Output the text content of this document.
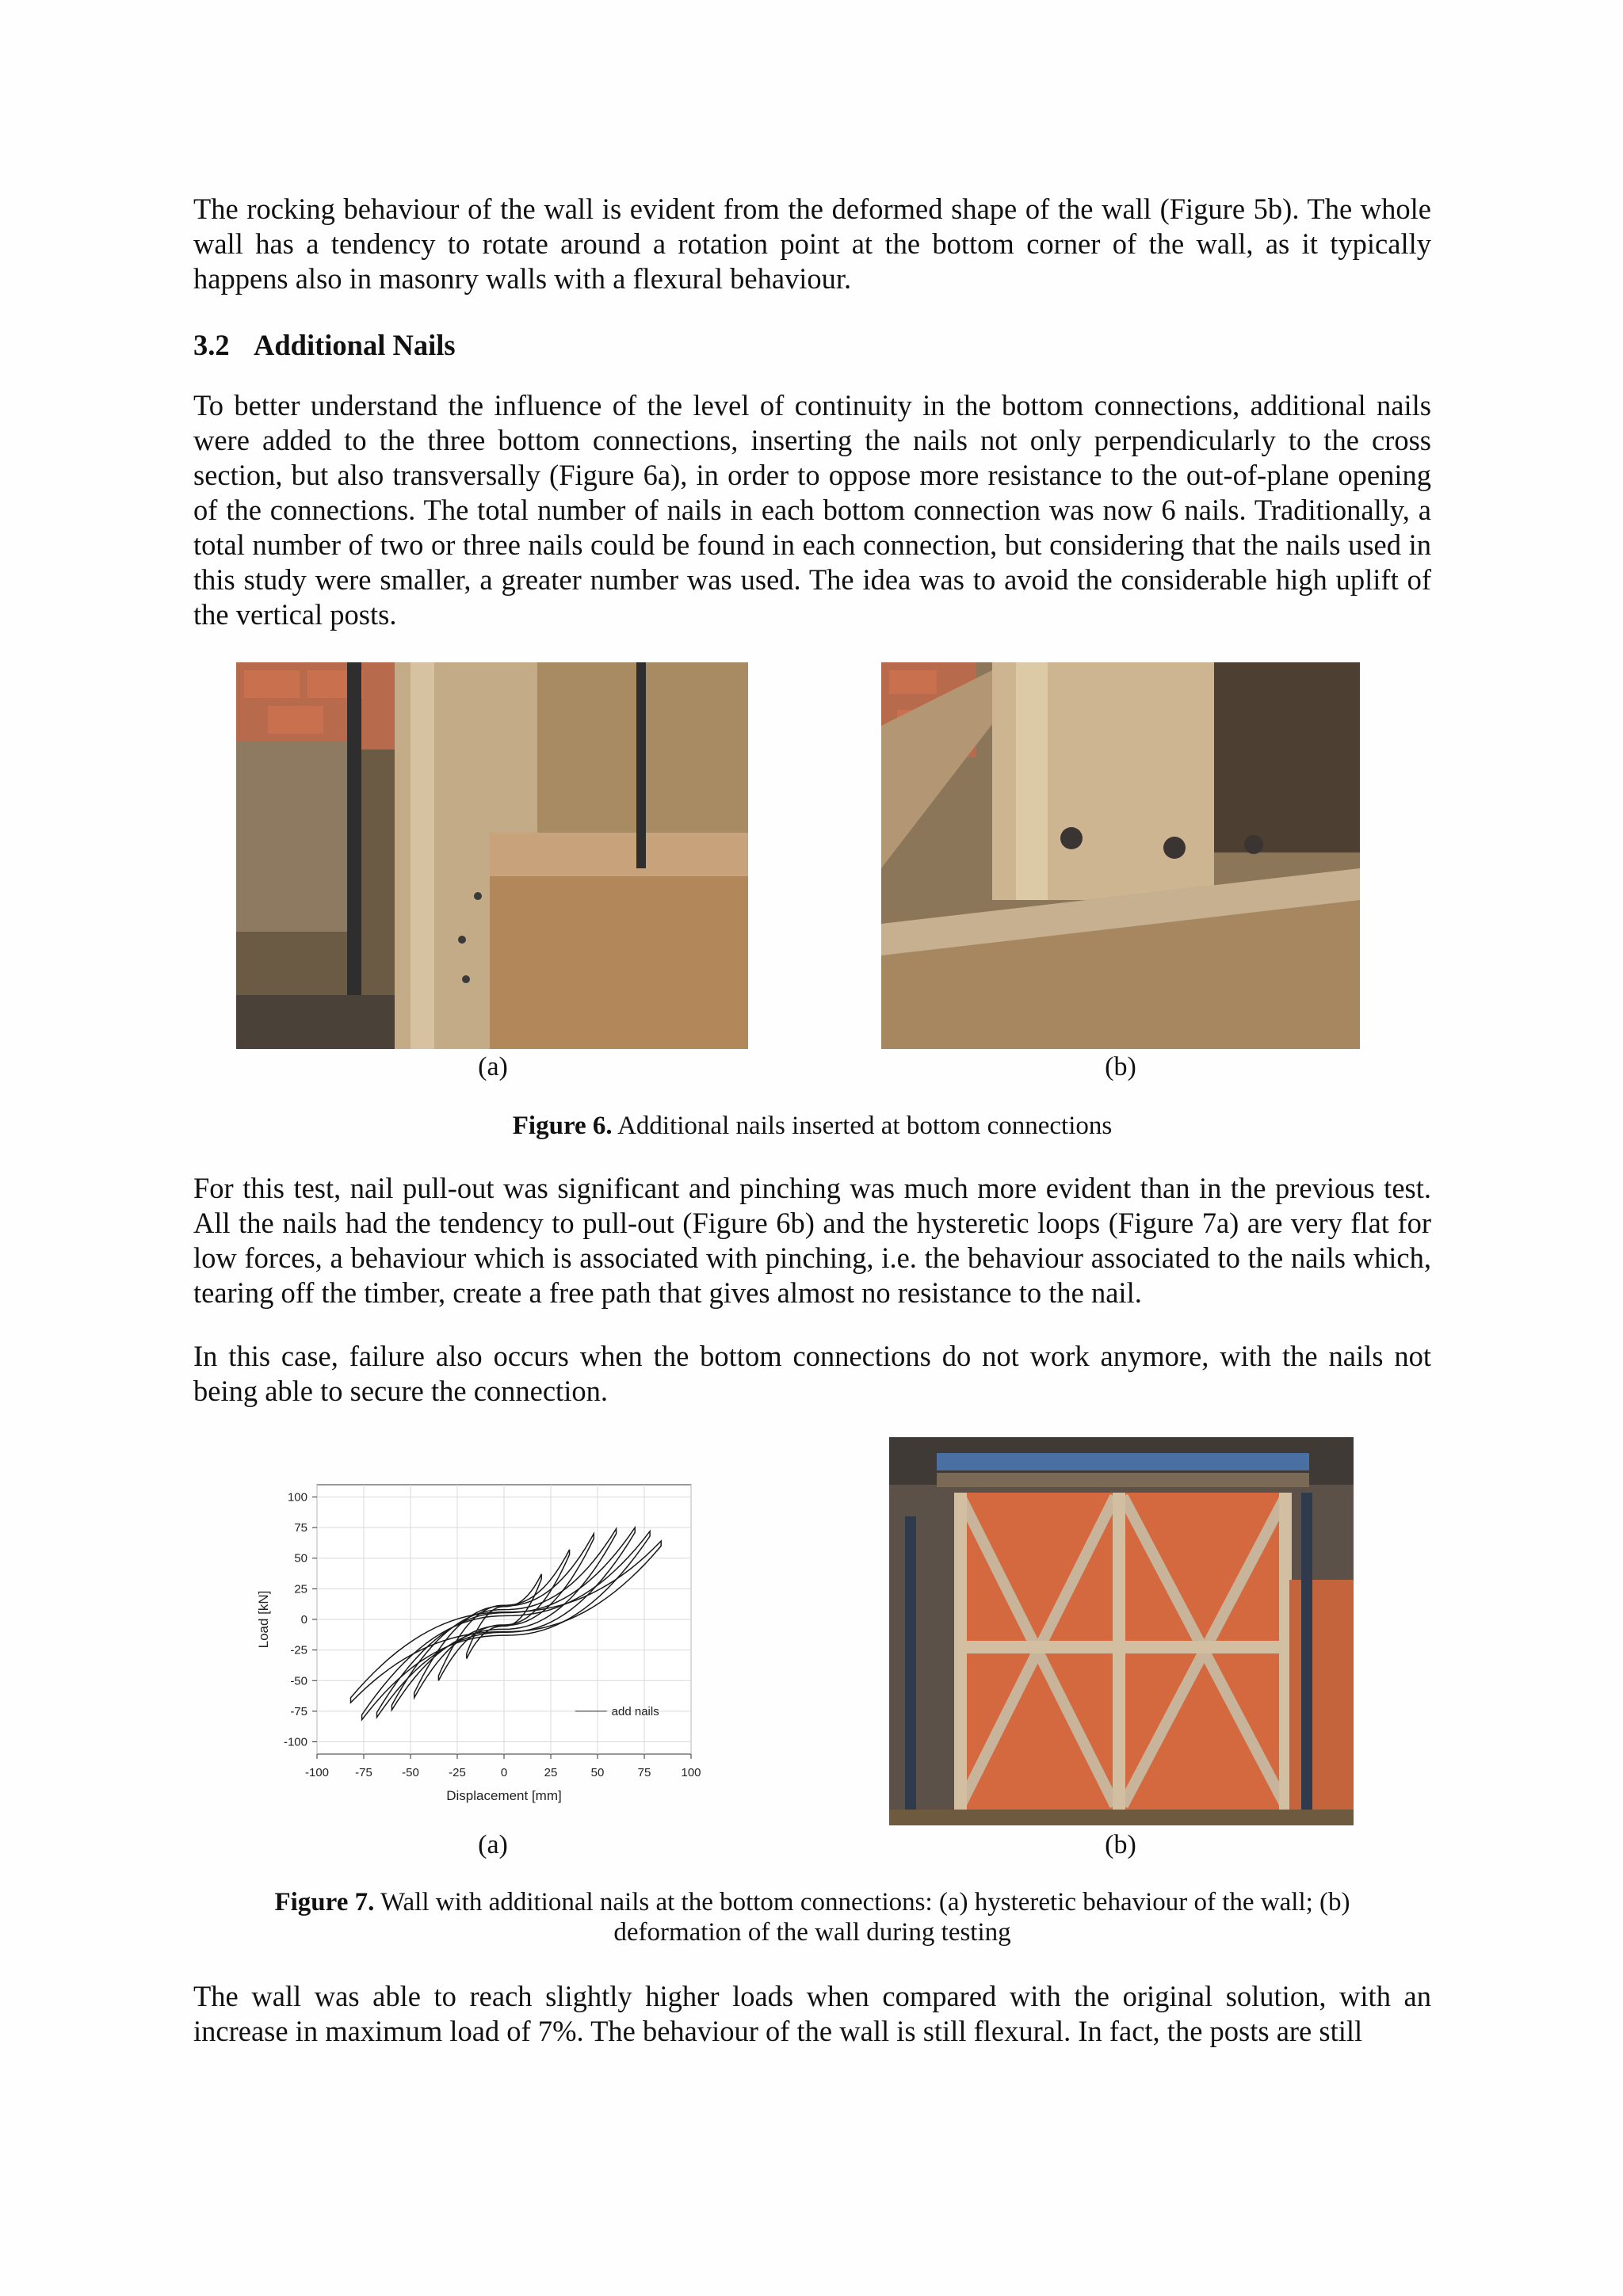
The rocking behaviour of the wall is evident from the deformed shape of the wall (Figure 5b). The whole wall has a tendency to rotate around a rotation point at the bottom corner of the wall, as it typically happens also in masonry walls with a flexural behaviour.

3.2 Additional Nails

To better understand the influence of the level of continuity in the bottom connections, additional nails were added to the three bottom connections, inserting the nails not only perpendicularly to the cross section, but also transversally (Figure 6a), in order to oppose more resistance to the out-of-plane opening of the connections. The total number of nails in each bottom connection was now 6 nails. Traditionally, a total number of two or three nails could be found in each connection, but considering that the nails used in this study were smaller, a greater number was used. The idea was to avoid the considerable high uplift of the vertical posts.

(a)	(b)
Figure 6. Additional nails inserted at bottom connections

For this test, nail pull-out was significant and pinching was much more evident than in the previous test. All the nails had the tendency to pull-out (Figure 6b) and the hysteretic loops (Figure 7a) are very flat for low forces, a behaviour which is associated with pinching, i.e. the behaviour associated to the nails which, tearing off the timber, create a free path that gives almost no resistance to the nail.

In this case, failure also occurs when the bottom connections do not work anymore, with the nails not being able to secure the connection.

-100 -75 -50 -25	0	25	50	75	100
100
75
50
25
0
-25
-50
-75
-100
Displacement [mm]
Load [kN]
add nails
(a)	(b)
Figure 7. Wall with additional nails at the bottom connections: (a) hysteretic behaviour of the wall; (b) deformation of the wall during testing

The wall was able to reach slightly higher loads when compared with the original solution, with an increase in maximum load of 7%. The behaviour of the wall is still flexural. In fact, the posts are still
